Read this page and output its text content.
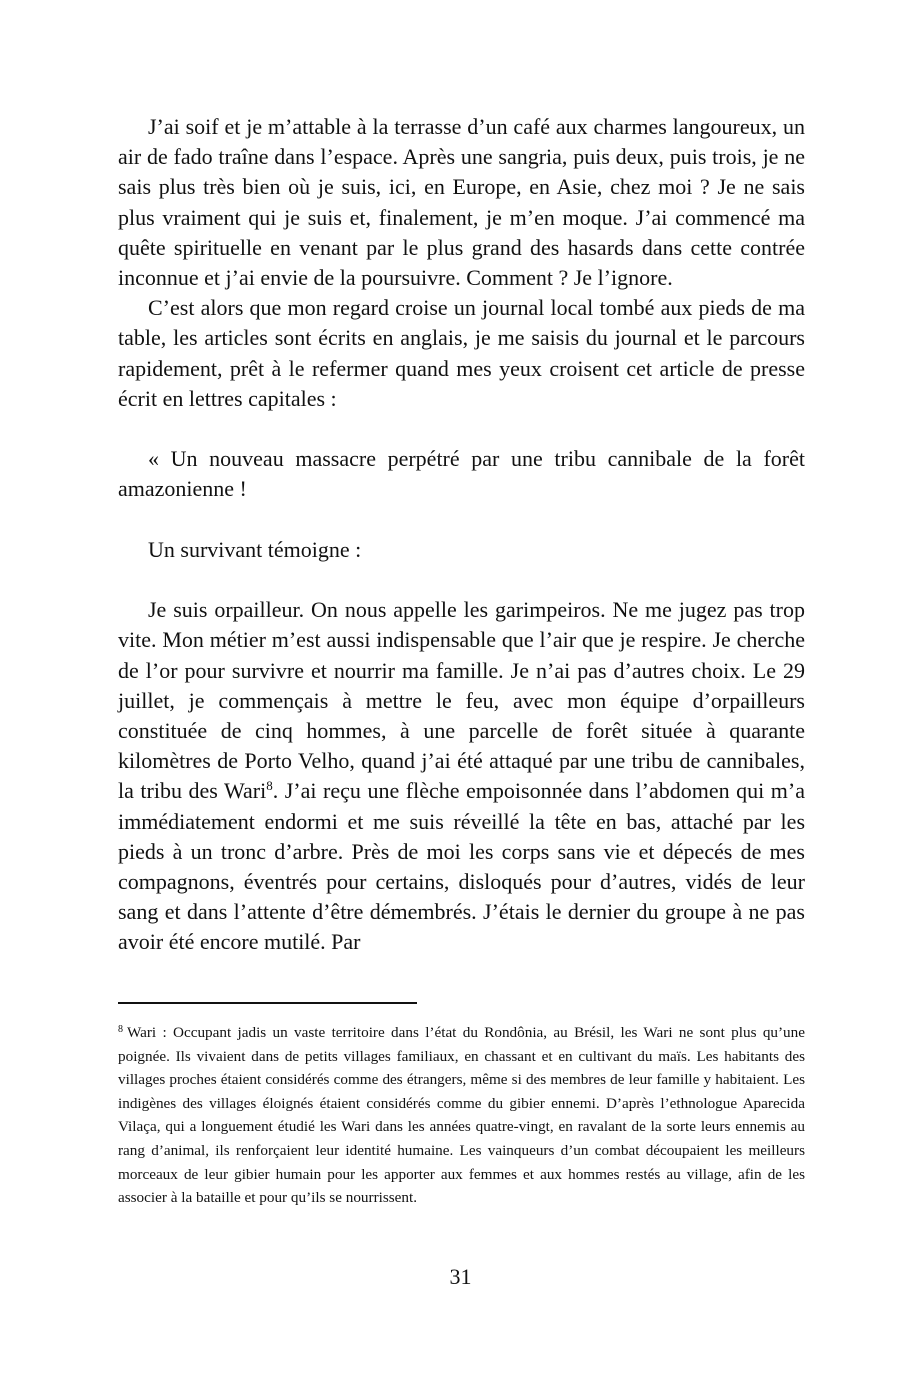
J’ai soif et je m’attable à la terrasse d’un café aux charmes langoureux, un air de fado traîne dans l’espace. Après une sangria, puis deux, puis trois, je ne sais plus très bien où je suis, ici, en Europe, en Asie, chez moi ? Je ne sais plus vraiment qui je suis et, finalement, je m’en moque. J’ai commencé ma quête spirituelle en venant par le plus grand des hasards dans cette contrée inconnue et j’ai envie de la poursuivre. Comment ? Je l’ignore.

C’est alors que mon regard croise un journal local tombé aux pieds de ma table, les articles sont écrits en anglais, je me saisis du journal et le parcours rapidement, prêt à le refermer quand mes yeux croisent cet article de presse écrit en lettres capitales :

« Un nouveau massacre perpétré par une tribu cannibale de la forêt amazonienne !

Un survivant témoigne :

Je suis orpailleur. On nous appelle les garimpeiros. Ne me jugez pas trop vite. Mon métier m’est aussi indispensable que l’air que je respire. Je cherche de l’or pour survivre et nourrir ma famille. Je n’ai pas d’autres choix. Le 29 juillet, je commençais à mettre le feu, avec mon équipe d’orpailleurs constituée de cinq hommes, à une parcelle de forêt située à quarante kilomètres de Porto Velho, quand j’ai été attaqué par une tribu de cannibales, la tribu des Wari$^8$. J’ai reçu une flèche empoisonnée dans l’abdomen qui m’a immédiatement endormi et me suis réveillé la tête en bas, attaché par les pieds à un tronc d’arbre. Près de moi les corps sans vie et dépecés de mes compagnons, éventrés pour certains, disloqués pour d’autres, vidés de leur sang et dans l’attente d’être démembrés. J’étais le dernier du groupe à ne pas avoir été encore mutilé. Par

$^8$ Wari : Occupant jadis un vaste territoire dans l’état du Rondônia, au Brésil, les Wari ne sont plus qu’une poignée. Ils vivaient dans de petits villages familiaux, en chassant et en cultivant du maïs. Les habitants des villages proches étaient considérés comme des étrangers, même si des membres de leur famille y habitaient. Les indigènes des villages éloignés étaient considérés comme du gibier ennemi. D’après l’ethnologue Aparecida Vilaça, qui a longuement étudié les Wari dans les années quatre-vingt, en ravalant de la sorte leurs ennemis au rang d’animal, ils renforçaient leur identité humaine. Les vainqueurs d’un combat découpaient les meilleurs morceaux de leur gibier humain pour les apporter aux femmes et aux hommes restés au village, afin de les associer à la bataille et pour qu’ils se nourrissent.

31
